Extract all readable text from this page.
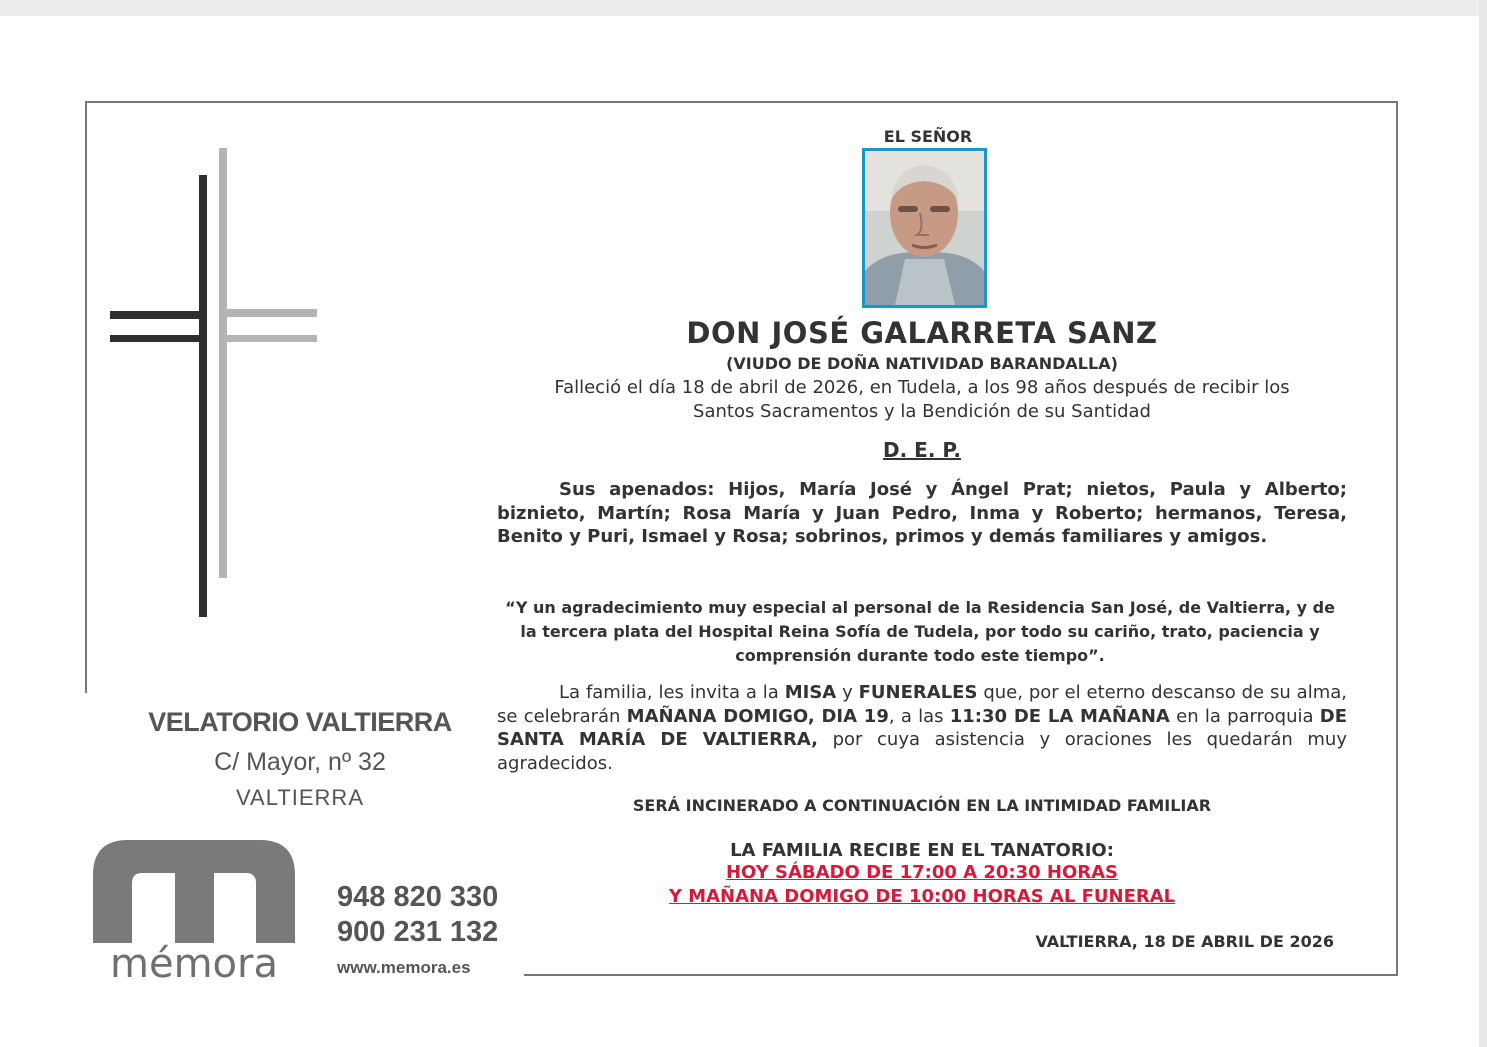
EL SEÑOR
DON JOSÉ GALARRETA SANZ
(VIUDO DE DOÑA NATIVIDAD BARANDALLA)
Falleció el día 18 de abril de 2026, en Tudela, a los 98 años después de recibir los
Santos Sacramentos y la Bendición de su Santidad
D. E. P.
Sus apenados: Hijos, María José y Ángel Prat; nietos, Paula y Alberto; biznieto, Martín; Rosa María y Juan Pedro, Inma y Roberto; hermanos, Teresa, Benito y Puri, Ismael y Rosa; sobrinos, primos y demás familiares y amigos.
“Y un agradecimiento muy especial al personal de la Residencia San José, de Valtierra, y de la tercera plata del Hospital Reina Sofía de Tudela, por todo su cariño, trato, paciencia y comprensión durante todo este tiempo”.
La familia, les invita a la MISA y FUNERALES que, por el eterno descanso de su alma, se celebrarán MAÑANA DOMIGO, DIA 19, a las 11:30 DE LA MAÑANA en la parroquia DE SANTA MARÍA DE VALTIERRA, por cuya asistencia y oraciones les quedarán muy agradecidos.
SERÁ INCINERADO A CONTINUACIÓN EN LA INTIMIDAD FAMILIAR
LA FAMILIA RECIBE EN EL TANATORIO:
HOY SÁBADO DE 17:00 A 20:30 HORAS
Y MAÑANA DOMIGO DE 10:00 HORAS AL FUNERAL
VALTIERRA, 18 DE ABRIL DE 2026
VELATORIO VALTIERRA
C/ Mayor, nº 32
VALTIERRA
mémora
948 820 330
900 231 132
www.memora.es
